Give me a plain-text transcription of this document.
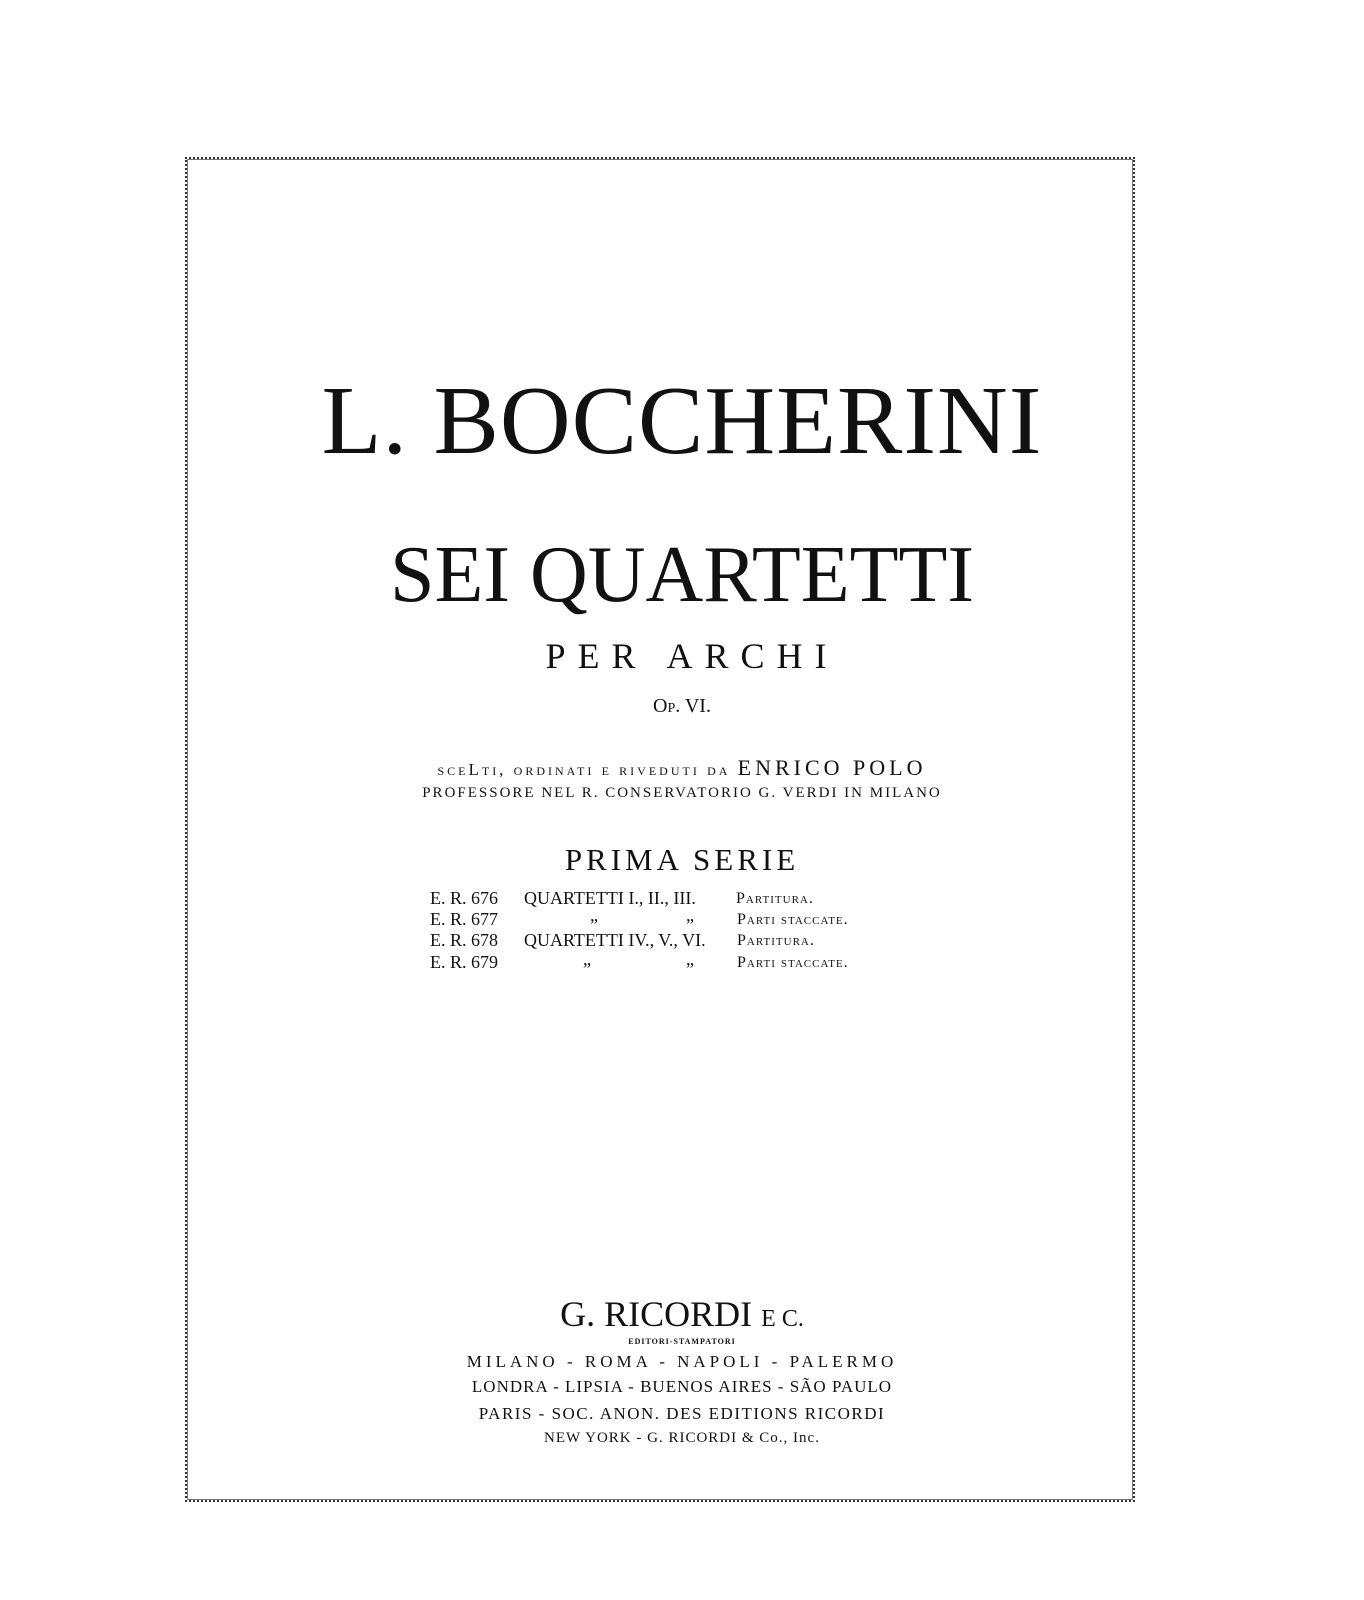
L. BOCCHERINI
SEI QUARTETTI
PER ARCHI
Op. VI.
sceLti, ordinati e riveduti da ENRICO POLO
PROFESSORE NEL R. CONSERVATORIO G. VERDI IN MILANO
PRIMA SERIE
E. R. 676 QUARTETTI I., II., III.	Partitura.
E. R. 677	„	„	Parti staccate.
E. R. 678 QUARTETTI IV., V., VI. Partitura.
E. R. 679	„	„	Parti staccate.
G. RICORDI E C.
EDITORI-STAMPATORI
MILANO - ROMA - NAPOLI - PALERMO
LONDRA - LIPSIA - BUENOS AIRES - SÃO PAULO
PARIS - SOC. ANON. DES EDITIONS RICORDI
NEW YORK - G. RICORDI & Co., Inc.
